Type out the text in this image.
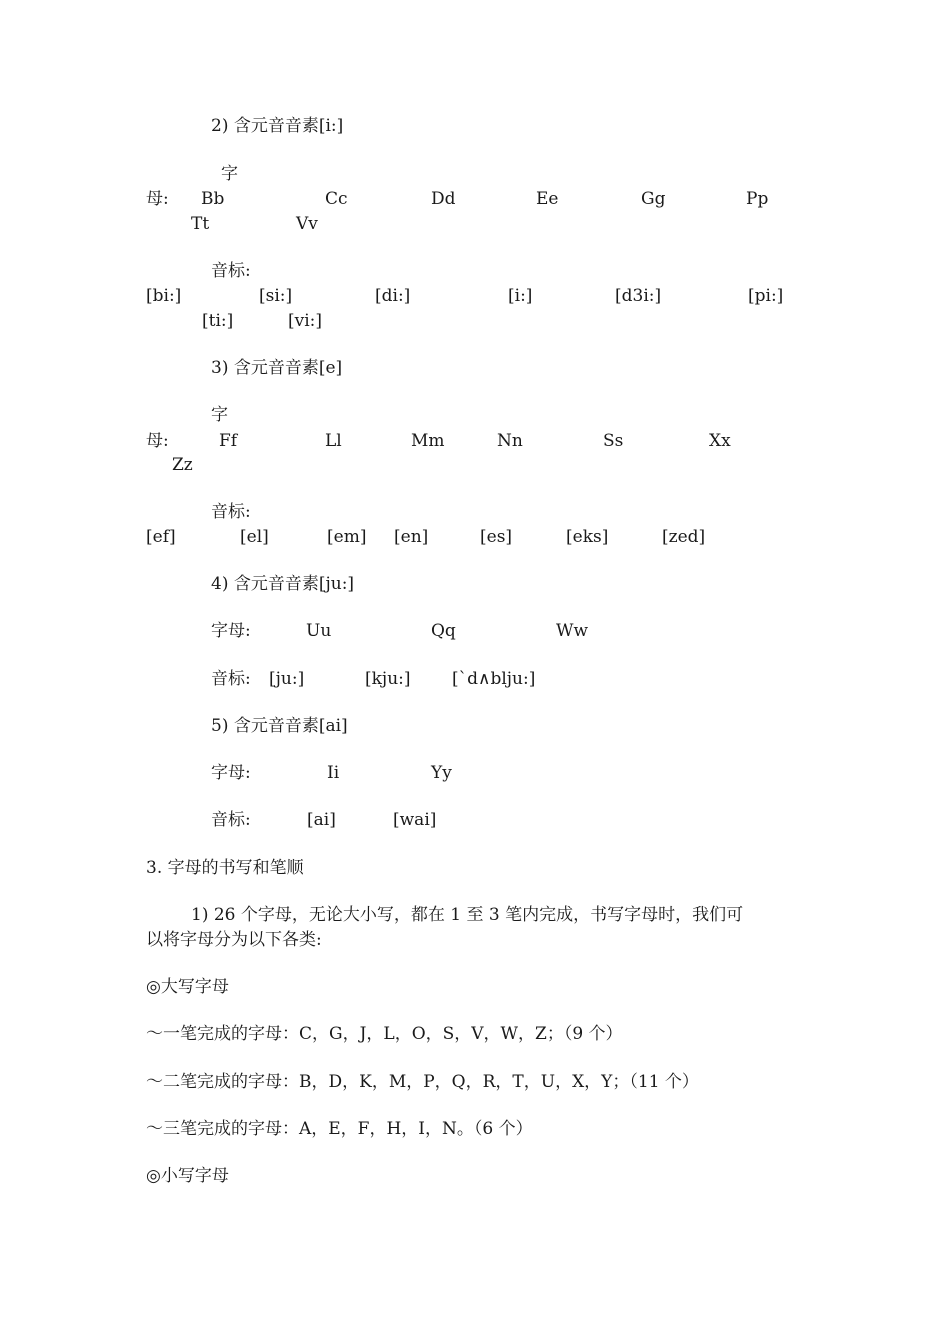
2) 含元音音素[i:]
字
母: Bb	Cc	Dd	Ee	Gg	Pp
Tt	Vv
音标:
[bi:]	[si:]	[di:]	[i:]	[d3i:]	[pi:]
[ti:]	[vi:]
3) 含元音音素[e]
字
母:	Ff	Ll	Mm	Nn	Ss	Xx
Zz
音标:
[ef]	[el]	[em] [en]	[es]	[eks]	[zed]
4) 含元音音素[ju:]
字母:	Uu	Qq	Ww
音标: [ju:]	[kju:] [`d∧blju:]
5) 含元音音素[ai]
字母:	Ii	Yy
音标:	[ai]	[wai]
3. 字母的书写和笔顺
1) 26 个字母，无论大小写，都在 1 至 3 笔内完成，书写字母时，我们可
以将字母分为以下各类:
◎大写字母
～一笔完成的字母：C，G，J，L，O，S，V，W，Z；（9 个）
～二笔完成的字母：B，D，K，M，P，Q，R，T，U，X，Y；（11 个）
～三笔完成的字母：A，E，F，H，I，N。（6 个）
◎小写字母
